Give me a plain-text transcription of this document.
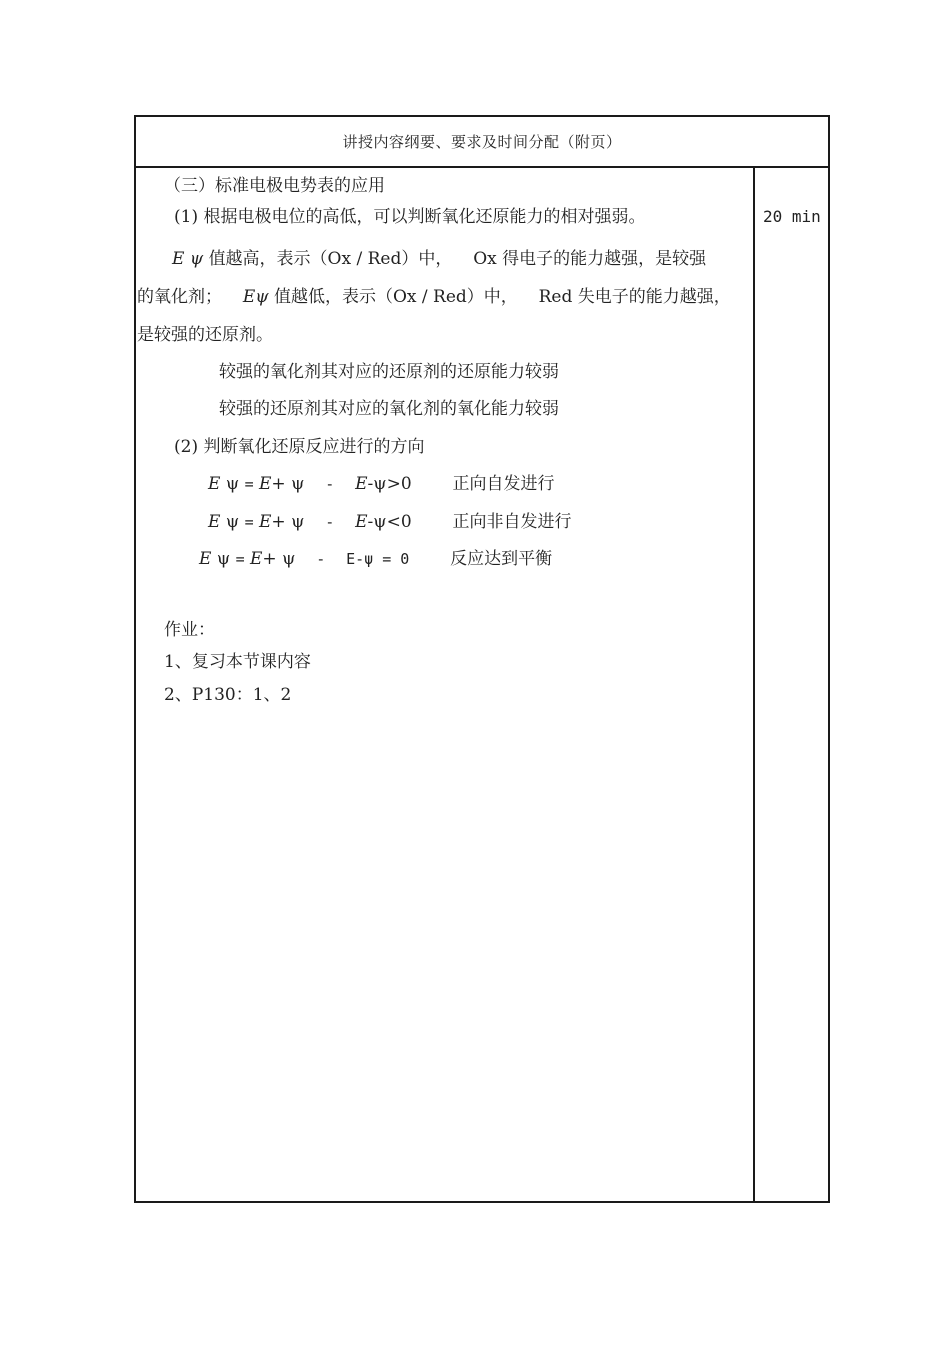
讲授内容纲要、要求及时间分配（附页）
20 min
（三）标准电极电势表的应用
(1) 根据电极电位的高低，可以判断氧化还原能力的相对强弱。
E ψ 值越高，表示（Ox / Red）中， Ox 得电子的能力越强，是较强
的氧化剂； Eψ 值越低，表示（Ox / Red）中， Red 失电子的能力越强，
是较强的还原剂。
较强的氧化剂其对应的还原剂的还原能力较弱
较强的还原剂其对应的氧化剂的氧化能力较弱
(2) 判断氧化还原反应进行的方向
E ψ = E+ ψ - E-ψ>0 正向自发进行
E ψ = E+ ψ - E-ψ<0 正向非自发进行
E ψ = E+ ψ - E-ψ = 0 反应达到平衡
作业：
1、复习本节课内容
2、P130：1、2
